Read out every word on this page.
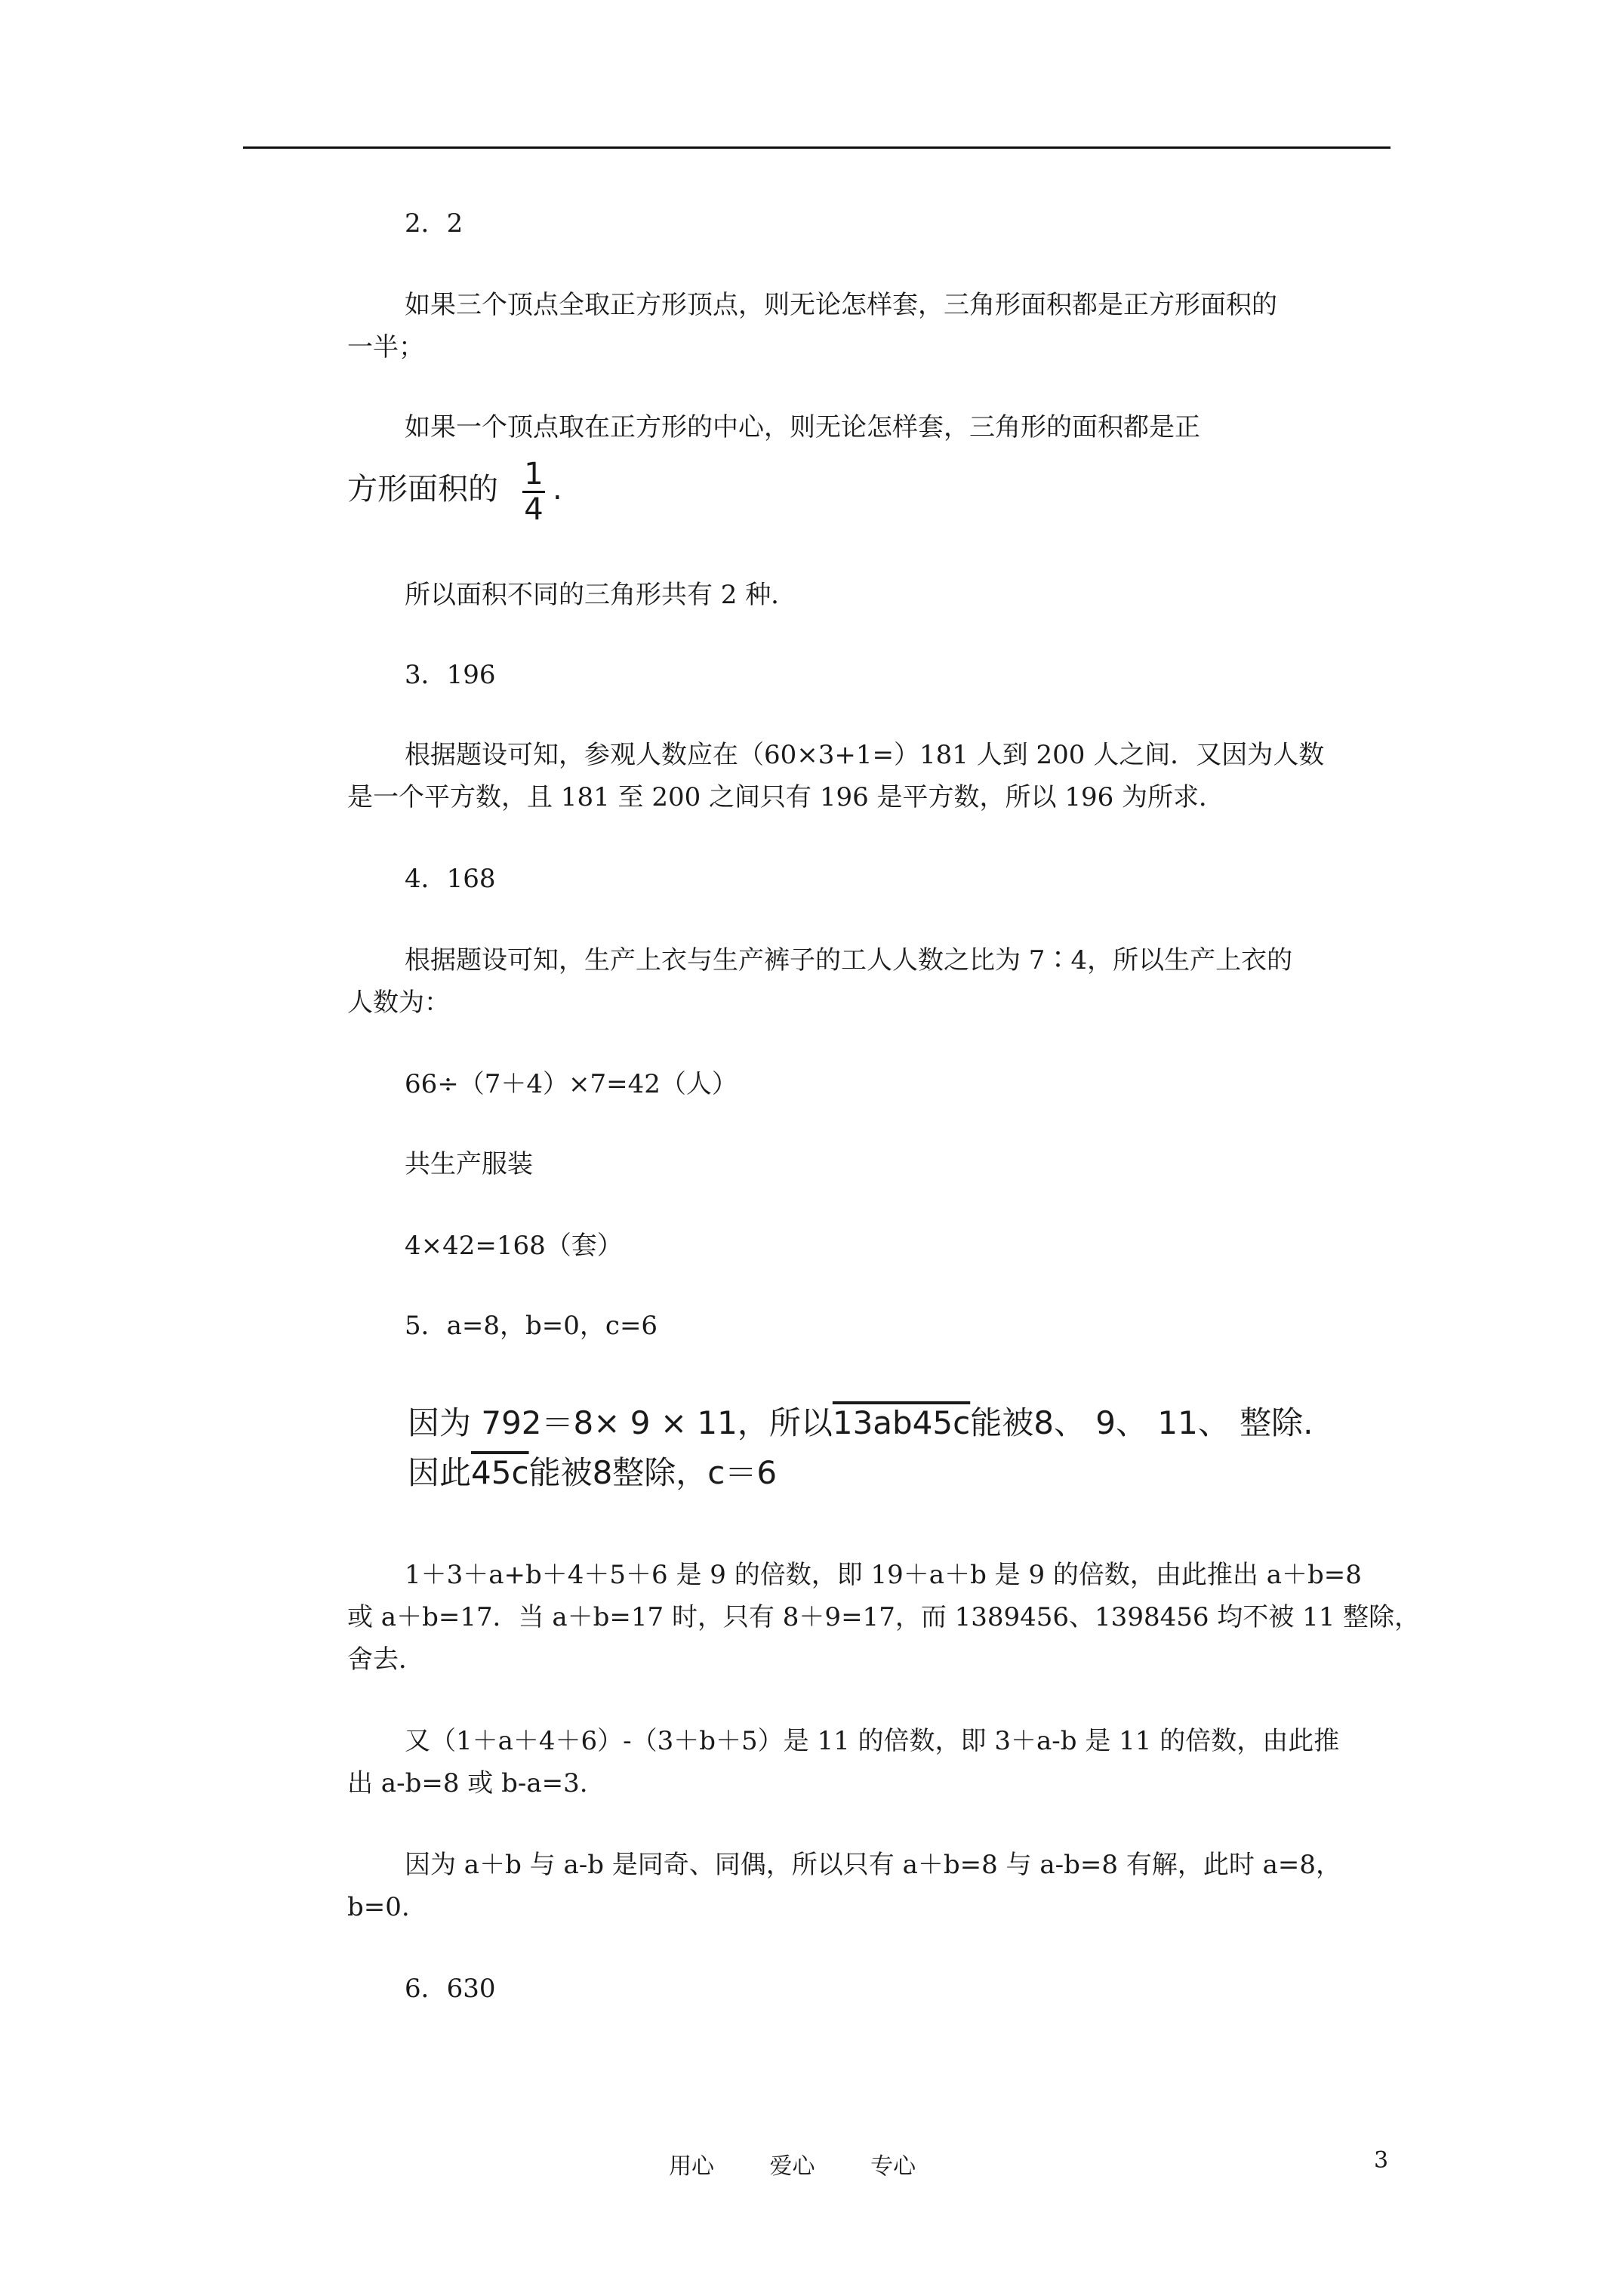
2．2
如果三个顶点全取正方形顶点，则无论怎样套，三角形面积都是正方形面积的
一半；
如果一个顶点取在正方形的中心，则无论怎样套，三角形的面积都是正
方形面积的 1
4
.
所以面积不同的三角形共有 2 种．
3．196
根据题设可知，参观人数应在（60×3+1=）181 人到 200 人之间．又因为人数
是一个平方数，且 181 至 200 之间只有 196 是平方数，所以 196 为所求．
4．168
根据题设可知，生产上衣与生产裤子的工人人数之比为 7∶4，所以生产上衣的
人数为：
66÷（7＋4）×7=42（人）
共生产服装
4×42=168（套）
5．a=8，b=0，c=6
因为 792＝8× 9 × 11，所以13ab45c能被8、 9、 11、 整除.
因此45c能被8整除，c＝6
1＋3＋a+b＋4＋5＋6 是 9 的倍数，即 19＋a＋b 是 9 的倍数，由此推出 a＋b=8
或 a＋b=17．当 a＋b=17 时，只有 8＋9=17，而 1389456、1398456 均不被 11 整除，
舍去．
又（1＋a＋4＋6）-（3＋b＋5）是 11 的倍数，即 3＋a-b 是 11 的倍数，由此推
出 a-b=8 或 b-a=3.
因为 a＋b 与 a-b 是同奇、同偶，所以只有 a＋b=8 与 a-b=8 有解，此时 a=8，
b=0.
6．630
用心 爱心 专心	3
